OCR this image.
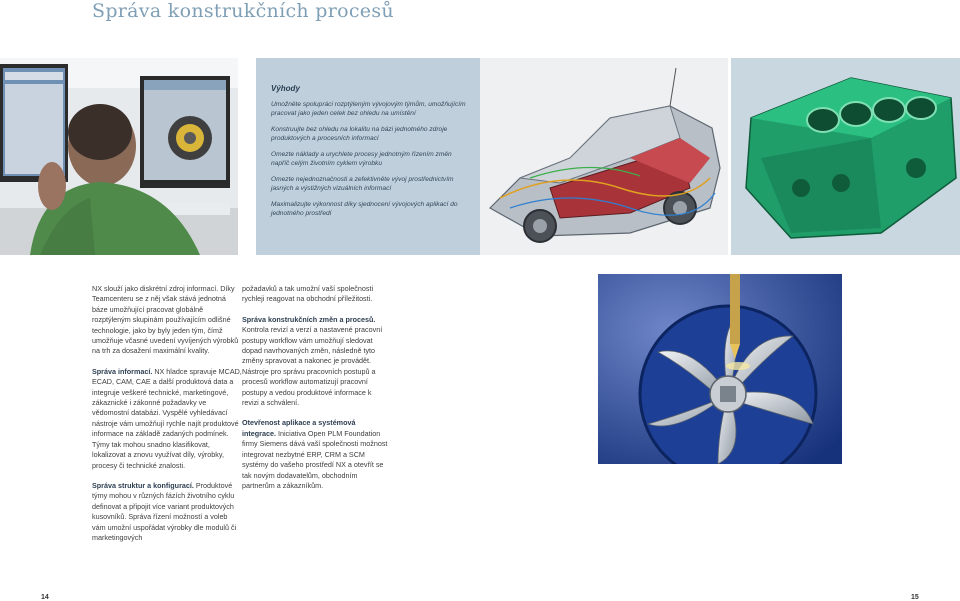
Správa konstrukčních procesů
Výhody

Umožněte spolupráci rozptýleným vývojovým týmům, umožňujícím pracovat jako jeden celek bez ohledu na umístění

Konstruujte bez ohledu na lokalitu na bázi jednotného zdroje produktových a procesních informací

Omezte náklady a urychlete procesy jednotným řízením změn napříč celým životním cyklem výrobku

Omezte nejednoznačnosti a zefektivněte vývoj prostřednictvím jasných a výstižných vizuálních informací

Maximalizujte výkonnost díky sjednocení vývojových aplikací do jednotného prostředí

NX slouží jako diskrétní zdroj informací. Díky Teamcenteru se z něj však stává jednotná báze umožňující pracovat globálně rozptýleným skupinám používajícím odlišné technologie, jako by byly jeden tým, čímž umožňuje včasné uvedení vyvíjených výrobků na trh za dosažení maximální kvality.

Správa informací. NX hladce spravuje MCAD, ECAD, CAM, CAE a další produktová data a integruje veškeré technické, marketingové, zákaznické i zákonné požadavky ve vědomostní databázi. Vyspělé vyhledávací nástroje vám umožňují rychle najít produktové informace na základě zadaných podmínek. Týmy tak mohou snadno klasifikovat, lokalizovat a znovu využívat díly, výrobky, procesy či technické znalosti.

Správa struktur a konfigurací. Produktové týmy mohou v různých fázích životního cyklu definovat a připojit více variant produktových kusovníků. Správa řízení možností a voleb vám umožní uspořádat výrobky dle modulů či marketingových

požadavků a tak umožní vaší společnosti rychleji reagovat na obchodní příležitosti.

Správa konstrukčních změn a procesů. Kontrola revizí a verzí a nastavené pracovní postupy workflow vám umožňují sledovat dopad navrhovaných změn, následně tyto změny spravovat a nakonec je provádět. Nástroje pro správu pracovních postupů a procesů workflow automatizují pracovní postupy a vedou produktové informace k revizi a schválení.

Otevřenost aplikace a systémová integrace. Iniciativa Open PLM Foundation firmy Siemens dává vaší společnosti možnost integrovat nezbytné ERP, CRM a SCM systémy do vašeho prostředí NX a otevřít se tak novým dodavatelům, obchodním partnerům a zákazníkům.

14	15
